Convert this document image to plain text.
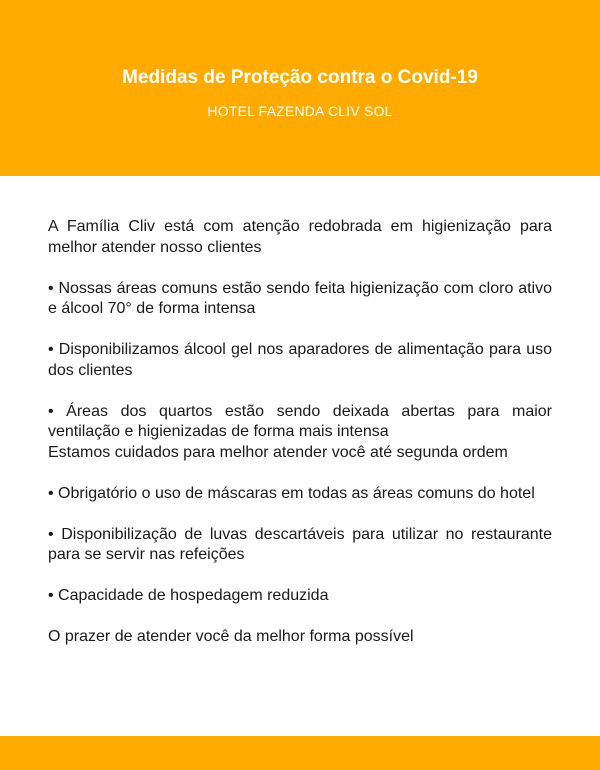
Medidas de Proteção contra o Covid-19
HOTEL FAZENDA CLIV SOL

A Família Cliv está com atenção redobrada em higienização para melhor atender nosso clientes

• Nossas áreas comuns estão sendo feita higienização com cloro ativo e álcool 70° de forma intensa

• Disponibilizamos álcool gel nos aparadores de alimentação para uso dos clientes

• Áreas dos quartos estão sendo deixada abertas para maior ventilação e higienizadas de forma mais intensa
Estamos cuidados para melhor atender você até segunda ordem

• Obrigatório o uso de máscaras em todas as áreas comuns do hotel

• Disponibilização de luvas descartáveis para utilizar no restaurante para se servir nas refeições

• Capacidade de hospedagem reduzida

O prazer de atender você da melhor forma possível
